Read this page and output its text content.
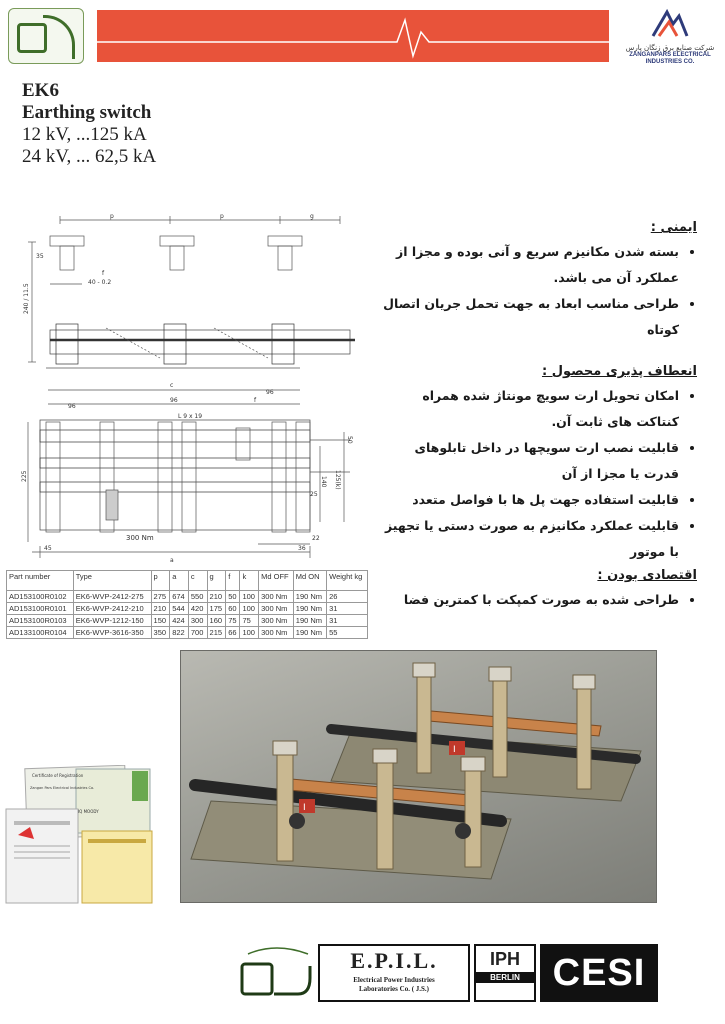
شرکت صنایع برق زنگان پارس
ZANGANPARS ELECTRICAL
INDUSTRIES CO.
EK6
Earthing switch
12 kV, ...125 kA
24 kV, ... 62,5 kA
p	p	g
35
f
40 - 0.2
240 / 11.5
c
96
96
96
f
225
L 9 x 19
50
140 125(k)
25
22
36
45
a
300 Nm
Part number	Type	p	a	c	g	f	k	Md OFF	Md ON	Weight kg
AD153100R0102	EK6-WVP-2412-275	275	674	550	210	50	100	300 Nm	190 Nm	26
AD153100R0101	EK6-WVP-2412-210	210	544	420	175	60	100	300 Nm	190 Nm	31
AD153100R0103	EK6-WVP-1212-150	150	424	300	160	75	75	300 Nm	190 Nm	31
AD133100R0104	EK6-WVP-3616-350	350	822	700	215	66	100	300 Nm	190 Nm	55
ایمنی :
• بسته شدن مکانیزم سریع و آنی بوده و مجزا از عملکرد آن می باشد.
• طراحی مناسب ابعاد به جهت تحمل جریان اتصال کوتاه
انعطاف پذیری محصول :
• امکان تحویل ارت سویچ مونتاژ شده همراه کنتاکت های ثابت آن.
• قابلیت نصب ارت سویچها در داخل تابلوهای قدرت یا مجزا از آن
• قابلیت استفاده جهت پل ها با فواصل متعدد
• قابلیت عملکرد مکانیزم به صورت دستی یا تجهیز با موتور
اقتصادی بودن :
• طراحی شده به صورت کمپکت با کمترین فضا
I
I
Certificate of Registration
IQ MOODY
Zangan Pars Electrical Industries Co.
E.P.I.L.
Electrical Power Industries
Laboratories Co. ( J.S.)
IPH
BERLIN CESI
